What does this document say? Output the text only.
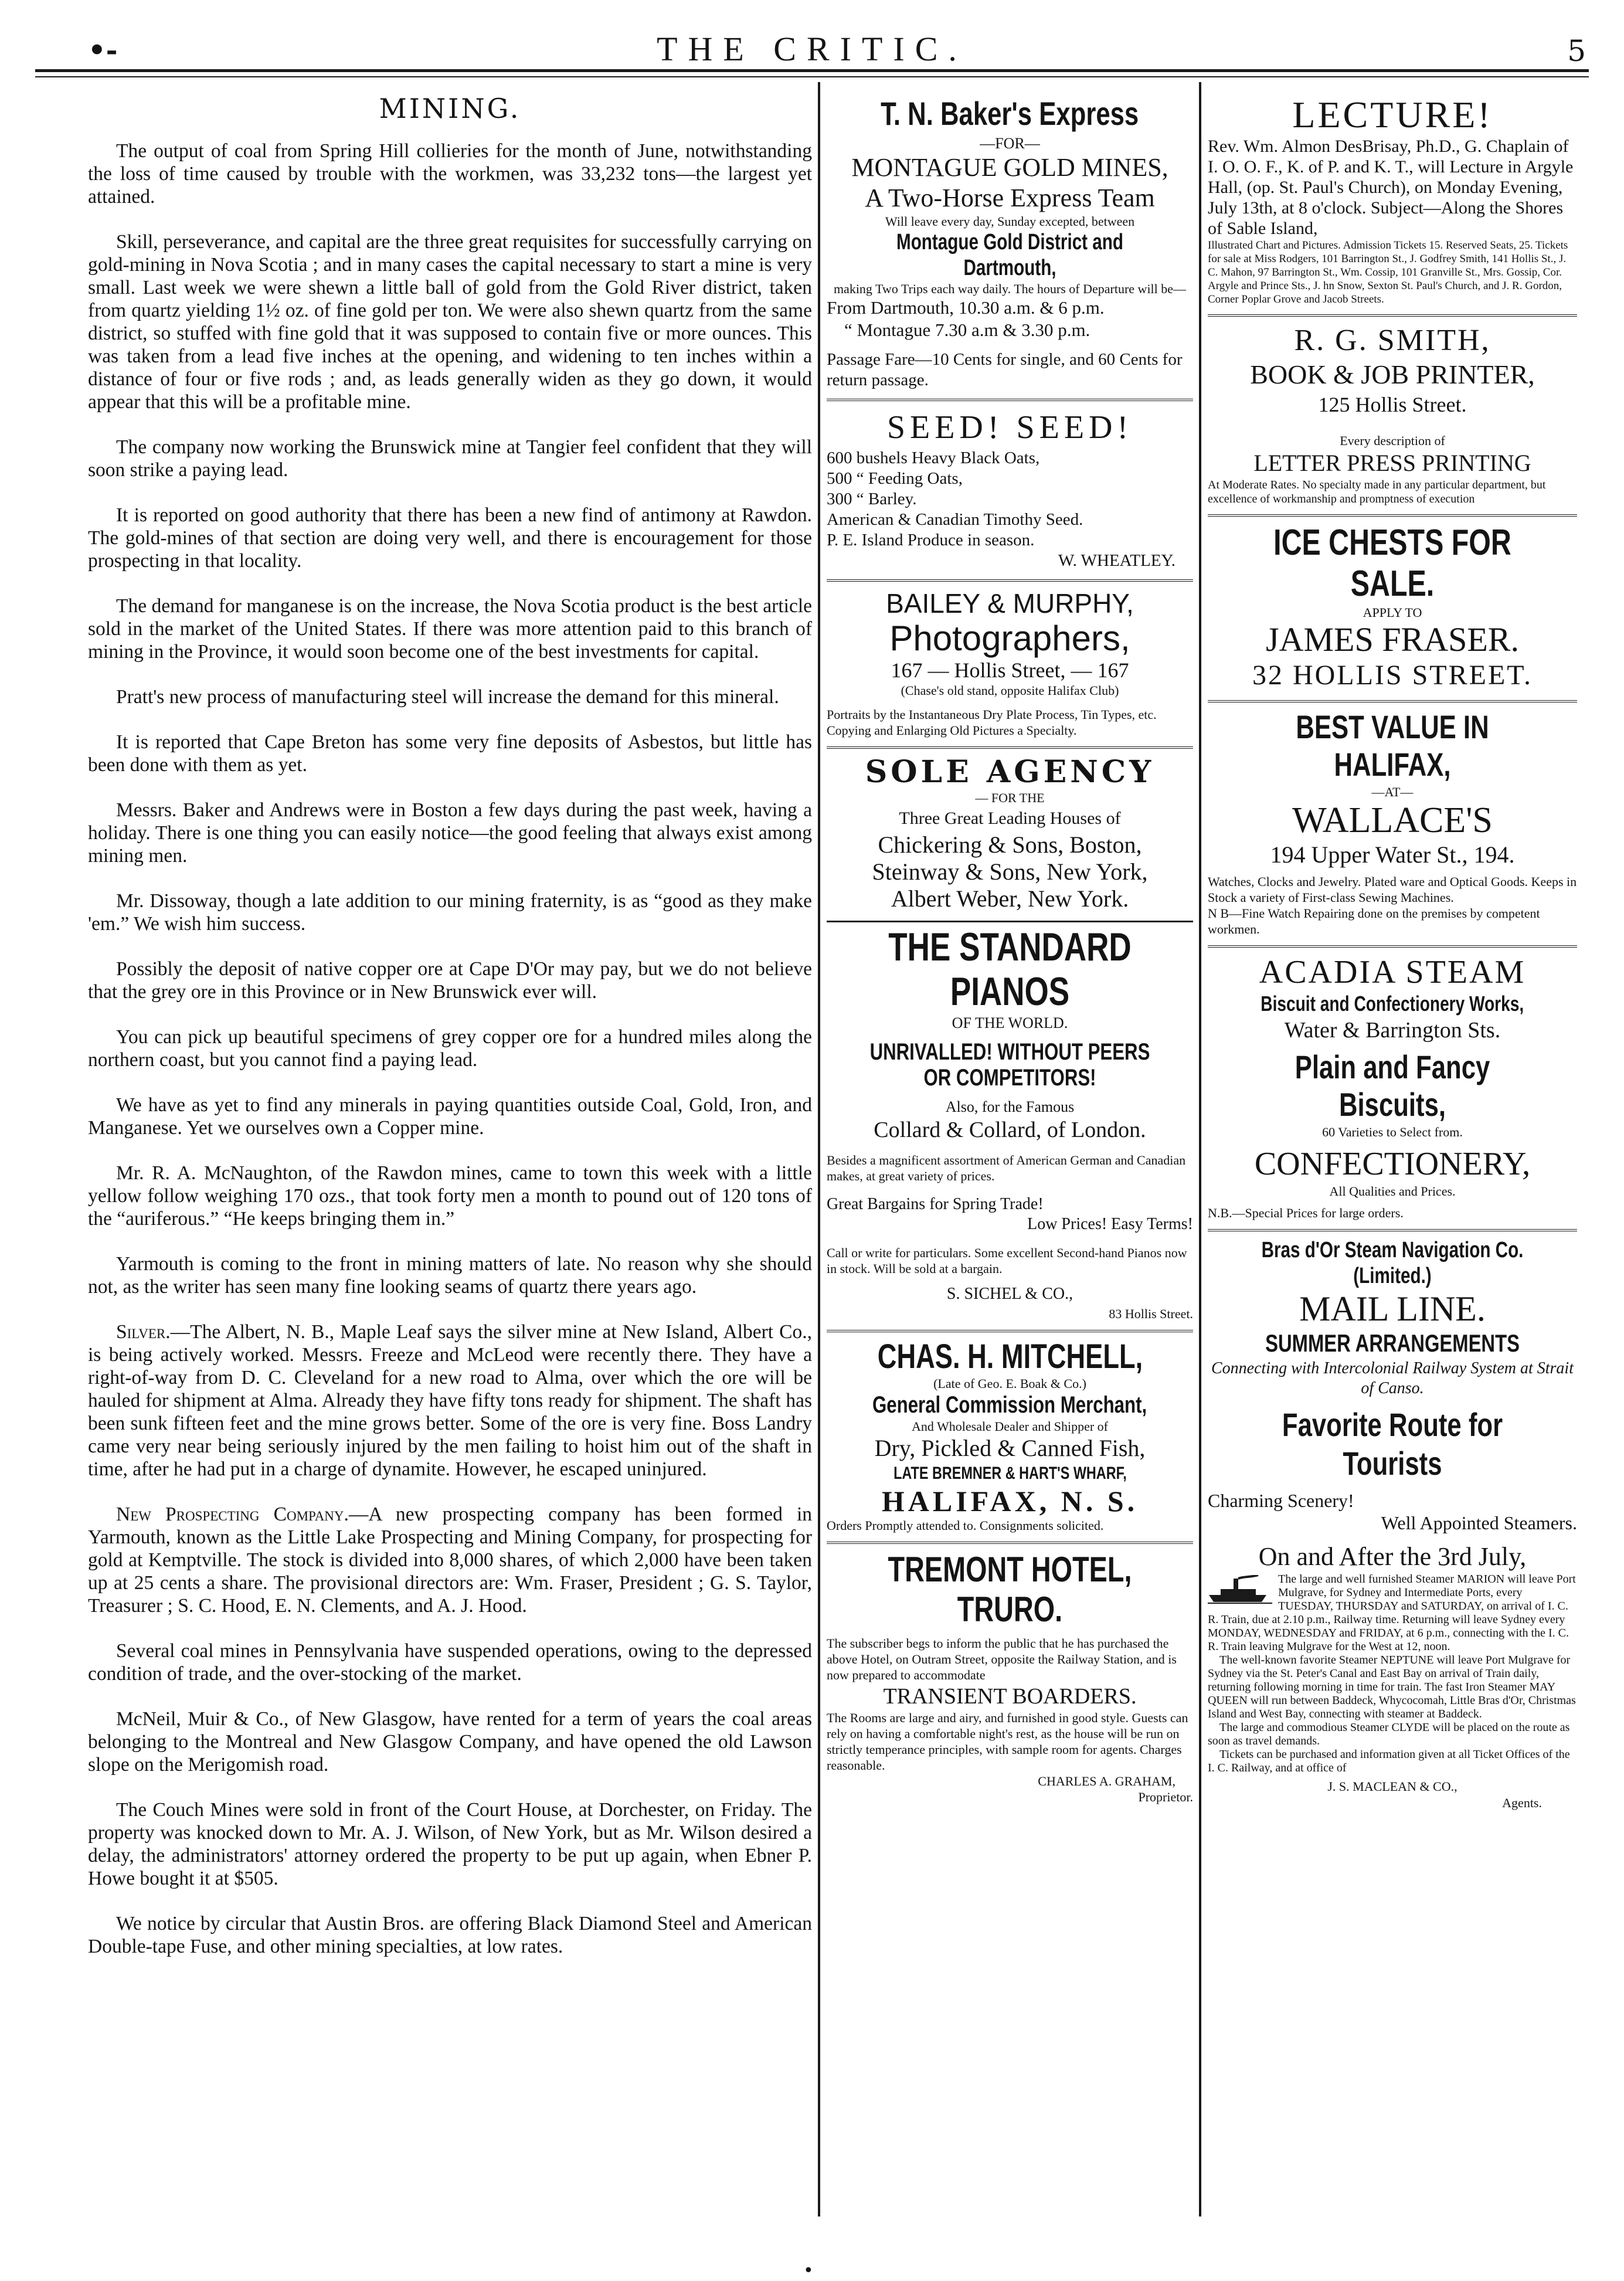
•-	THE CRITIC.	5
MINING.

The output of coal from Spring Hill collieries for the month of June, notwithstanding the loss of time caused by trouble with the workmen, was 33,232 tons—the largest yet attained.

Skill, perseverance, and capital are the three great requisites for successfully carrying on gold-mining in Nova Scotia ; and in many cases the capital necessary to start a mine is very small. Last week we were shewn a little ball of gold from the Gold River district, taken from quartz yielding 1½ oz. of fine gold per ton. We were also shewn quartz from the same district, so stuffed with fine gold that it was supposed to contain five or more ounces. This was taken from a lead five inches at the opening, and widening to ten inches within a distance of four or five rods ; and, as leads generally widen as they go down, it would appear that this will be a profitable mine.

The company now working the Brunswick mine at Tangier feel confident that they will soon strike a paying lead.

It is reported on good authority that there has been a new find of antimony at Rawdon. The gold-mines of that section are doing very well, and there is encouragement for those prospecting in that locality.

The demand for manganese is on the increase, the Nova Scotia product is the best article sold in the market of the United States. If there was more attention paid to this branch of mining in the Province, it would soon become one of the best investments for capital.

Pratt's new process of manufacturing steel will increase the demand for this mineral.

It is reported that Cape Breton has some very fine deposits of Asbestos, but little has been done with them as yet.

Messrs. Baker and Andrews were in Boston a few days during the past week, having a holiday. There is one thing you can easily notice—the good feeling that always exist among mining men.

Mr. Dissoway, though a late addition to our mining fraternity, is as “good as they make 'em.” We wish him success.

Possibly the deposit of native copper ore at Cape D'Or may pay, but we do not believe that the grey ore in this Province or in New Brunswick ever will.

You can pick up beautiful specimens of grey copper ore for a hundred miles along the northern coast, but you cannot find a paying lead.

We have as yet to find any minerals in paying quantities outside Coal, Gold, Iron, and Manganese. Yet we ourselves own a Copper mine.

Mr. R. A. McNaughton, of the Rawdon mines, came to town this week with a little yellow follow weighing 170 ozs., that took forty men a month to pound out of 120 tons of the “auriferous.” “He keeps bringing them in.”

Yarmouth is coming to the front in mining matters of late. No reason why she should not, as the writer has seen many fine looking seams of quartz there years ago.

Silver.—The Albert, N. B., Maple Leaf says the silver mine at New Island, Albert Co., is being actively worked. Messrs. Freeze and McLeod were recently there. They have a right-of-way from D. C. Cleveland for a new road to Alma, over which the ore will be hauled for shipment at Alma. Already they have fifty tons ready for shipment. The shaft has been sunk fifteen feet and the mine grows better. Some of the ore is very fine. Boss Landry came very near being seriously injured by the men failing to hoist him out of the shaft in time, after he had put in a charge of dynamite. However, he escaped uninjured.

New Prospecting Company.—A new prospecting company has been formed in Yarmouth, known as the Little Lake Prospecting and Mining Company, for prospecting for gold at Kemptville. The stock is divided into 8,000 shares, of which 2,000 have been taken up at 25 cents a share. The provisional directors are: Wm. Fraser, President ; G. S. Taylor, Treasurer ; S. C. Hood, E. N. Clements, and A. J. Hood.

Several coal mines in Pennsylvania have suspended operations, owing to the depressed condition of trade, and the over-stocking of the market.

McNeil, Muir & Co., of New Glasgow, have rented for a term of years the coal areas belonging to the Montreal and New Glasgow Company, and have opened the old Lawson slope on the Merigomish road.

The Couch Mines were sold in front of the Court House, at Dorchester, on Friday. The property was knocked down to Mr. A. J. Wilson, of New York, but as Mr. Wilson desired a delay, the administrators' attorney ordered the property to be put up again, when Ebner P. Howe bought it at $505.

We notice by circular that Austin Bros. are offering Black Diamond Steel and American Double-tape Fuse, and other mining specialties, at low rates.

T. N. Baker's Express
—FOR—
MONTAGUE GOLD MINES,
A Two-Horse Express Team
Will leave every day, Sunday excepted, between
Montague Gold District and Dartmouth,
making Two Trips each way daily. The hours of Departure will be—
From Dartmouth, 10.30 a.m. & 6 p.m.
“ Montague 7.30 a.m & 3.30 p.m.
Passage Fare—10 Cents for single, and 60 Cents for return passage.
SEED! SEED!
600 bushels Heavy Black Oats,
500 “ Feeding Oats,
300 “ Barley.
American & Canadian Timothy Seed.
P. E. Island Produce in season.
W. WHEATLEY.
BAILEY & MURPHY,
Photographers,
167 — Hollis Street, — 167
(Chase's old stand, opposite Halifax Club)
Portraits by the Instantaneous Dry Plate Process, Tin Types, etc. Copying and Enlarging Old Pictures a Specialty.
SOLE AGENCY
— FOR THE
Three Great Leading Houses of
Chickering & Sons, Boston,
Steinway & Sons, New York,
Albert Weber, New York.
THE STANDARD PIANOS
OF THE WORLD.
UNRIVALLED! WITHOUT PEERS OR COMPETITORS!
Also, for the Famous
Collard & Collard, of London.
Besides a magnificent assortment of American German and Canadian makes, at great variety of prices.
Great Bargains for Spring Trade!
Low Prices! Easy Terms!
Call or write for particulars. Some excellent Second-hand Pianos now in stock. Will be sold at a bargain.
S. SICHEL & CO.,
83 Hollis Street.
CHAS. H. MITCHELL,
(Late of Geo. E. Boak & Co.)
General Commission Merchant,
And Wholesale Dealer and Shipper of
Dry, Pickled & Canned Fish,
LATE BREMNER & HART'S WHARF,
HALIFAX, N. S.
Orders Promptly attended to. Consignments solicited.
TREMONT HOTEL, TRURO.
The subscriber begs to inform the public that he has purchased the above Hotel, on Outram Street, opposite the Railway Station, and is now prepared to accommodate
TRANSIENT BOARDERS.
The Rooms are large and airy, and furnished in good style. Guests can rely on having a comfortable night's rest, as the house will be run on strictly temperance principles, with sample room for agents. Charges reasonable.
CHARLES A. GRAHAM,
Proprietor.
LECTURE!
Rev. Wm. Almon DesBrisay, Ph.D., G. Chaplain of I. O. O. F., K. of P. and K. T., will Lecture in Argyle Hall, (op. St. Paul's Church), on Monday Evening, July 13th, at 8 o'clock. Subject—Along the Shores of Sable Island,
Illustrated Chart and Pictures. Admission Tickets 15. Reserved Seats, 25. Tickets for sale at Miss Rodgers, 101 Barrington St., J. Godfrey Smith, 141 Hollis St., J. C. Mahon, 97 Barrington St., Wm. Cossip, 101 Granville St., Mrs. Gossip, Cor. Argyle and Prince Sts., J. hn Snow, Sexton St. Paul's Church, and J. R. Gordon, Corner Poplar Grove and Jacob Streets.
R. G. SMITH,
BOOK & JOB PRINTER,
125 Hollis Street.
Every description of
LETTER PRESS PRINTING
At Moderate Rates. No specialty made in any particular department, but excellence of workmanship and promptness of execution
ICE CHESTS FOR SALE.
APPLY TO
JAMES FRASER.
32 HOLLIS STREET.
BEST VALUE IN HALIFAX,
—AT—
WALLACE'S
194 Upper Water St., 194.
Watches, Clocks and Jewelry. Plated ware and Optical Goods. Keeps in Stock a variety of First-class Sewing Machines.
N B—Fine Watch Repairing done on the premises by competent workmen.
ACADIA STEAM
Biscuit and Confectionery Works,
Water & Barrington Sts.
Plain and Fancy Biscuits,
60 Varieties to Select from.
CONFECTIONERY,
All Qualities and Prices.
N.B.—Special Prices for large orders.
Bras d'Or Steam Navigation Co. (Limited.)
MAIL LINE.
SUMMER ARRANGEMENTS
Connecting with Intercolonial Railway System at Strait of Canso.
Favorite Route for Tourists
Charming Scenery!
Well Appointed Steamers.
On and After the 3rd July,
The large and well furnished Steamer MARION will leave Port Mulgrave, for Sydney and Intermediate Ports, every TUESDAY, THURSDAY and SATURDAY, on arrival of I. C. R. Train, due at 2.10 p.m., Railway time. Returning will leave Sydney every MONDAY, WEDNESDAY and FRIDAY, at 6 p.m., connecting with the I. C. R. Train leaving Mulgrave for the West at 12, noon.
The well-known favorite Steamer NEPTUNE will leave Port Mulgrave for Sydney via the St. Peter's Canal and East Bay on arrival of Train daily, returning following morning in time for train. The fast Iron Steamer MAY QUEEN will run between Baddeck, Whycocomah, Little Bras d'Or, Christmas Island and West Bay, connecting with steamer at Baddeck.
The large and commodious Steamer CLYDE will be placed on the route as soon as travel demands.
Tickets can be purchased and information given at all Ticket Offices of the I. C. Railway, and at office of
J. S. MACLEAN & CO.,
Agents.
•
